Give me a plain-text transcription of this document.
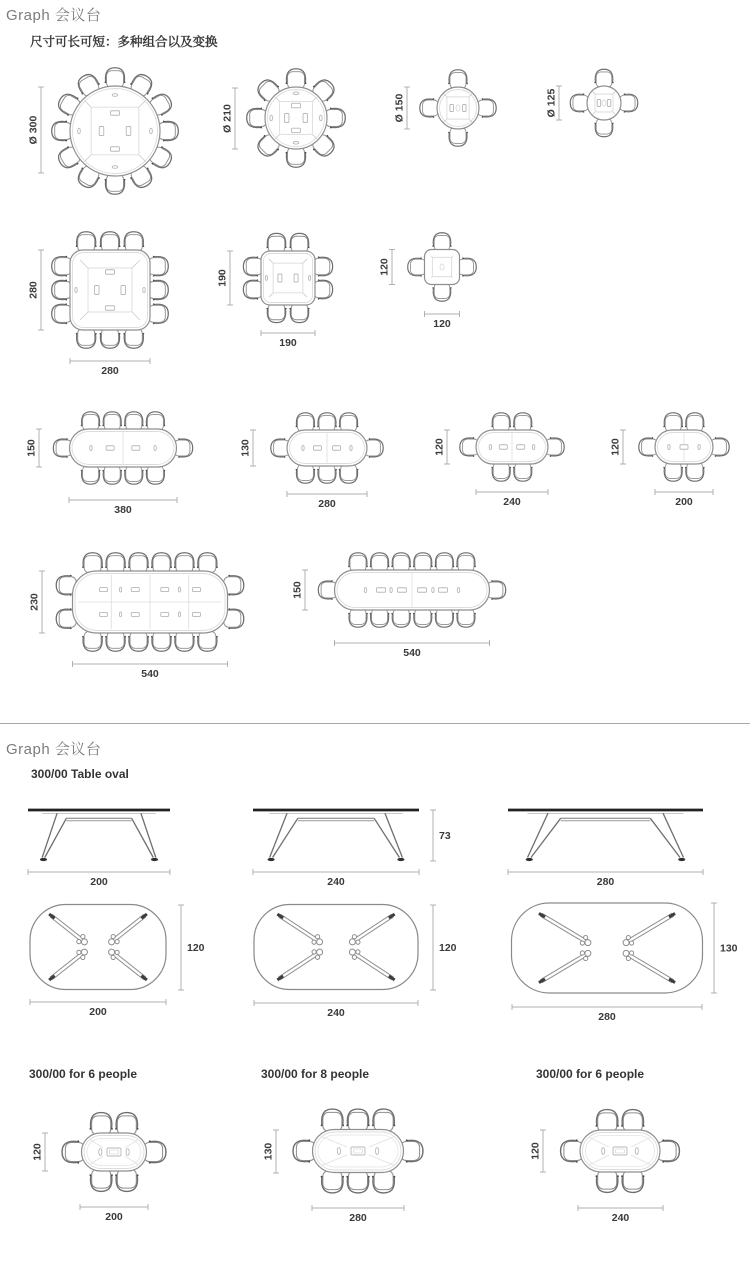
Ø 300	Ø 210	Ø 150	Ø 125
280
280
190
190
120
120
150
380
130
280
120
240
120
200
230
540
150
540
200	240
73
280
120
200
120
240
130
280
120
200
130
280
120
240
Graph 会议台
尺寸可长可短：多种组合以及变换
Graph 会议台
300/00 Table oval
300/00 for 6 people	300/00 for 8 people	300/00 for 6 people
